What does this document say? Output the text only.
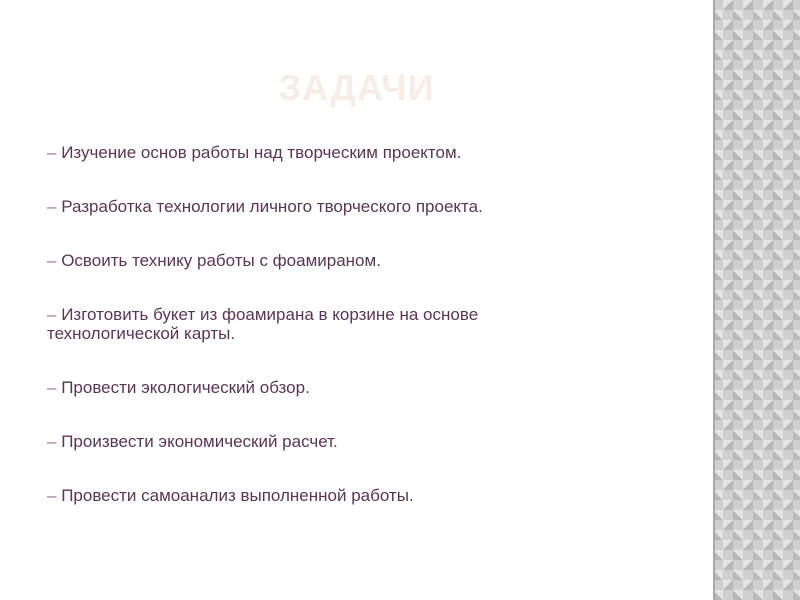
ЗАДАЧИ
– Изучение основ работы над творческим проектом.
– Разработка технологии личного творческого проекта.
– Освоить технику работы с фоамираном.
– Изготовить букет из фоамирана в корзине на основе технологической карты.
– Провести экологический обзор.
– Произвести экономический расчет.
– Провести самоанализ выполненной работы.
